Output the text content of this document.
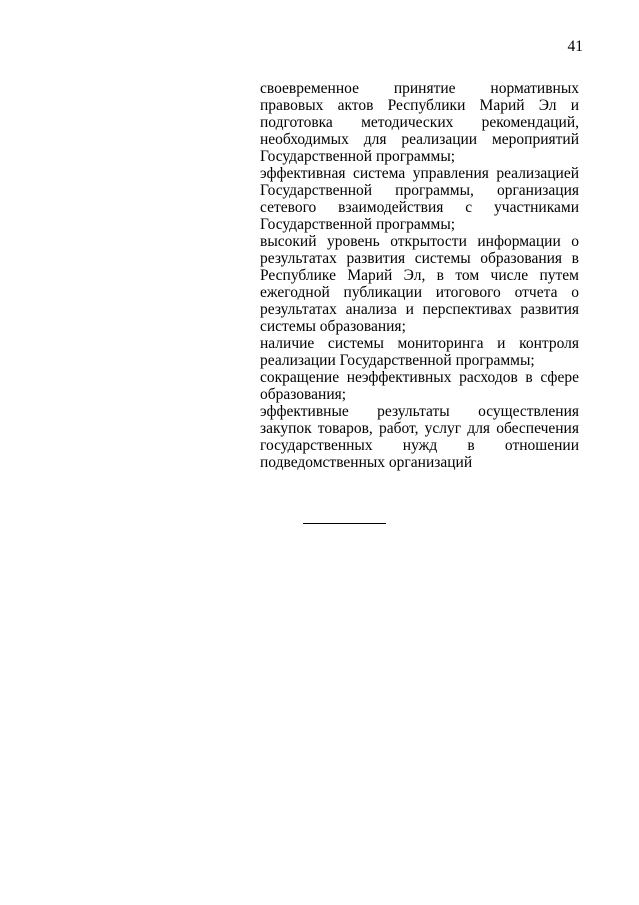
41

своевременное принятие нормативных правовых актов Республики Марий Эл и подготовка методических рекомендаций, необходимых для реализации мероприятий Государственной программы;

эффективная система управления реализацией Государственной программы, организация сетевого взаимодействия с участниками Государственной программы;

высокий уровень открытости информации о результатах развития системы образования в Республике Марий Эл, в том числе путем ежегодной публикации итогового отчета о результатах анализа и перспективах развития системы образования;

наличие системы мониторинга и контроля реализации Государственной программы;

сокращение неэффективных расходов в сфере образования;

эффективные результаты осуществления закупок товаров, работ, услуг для обеспечения государственных нужд в отношении подведомственных организаций
